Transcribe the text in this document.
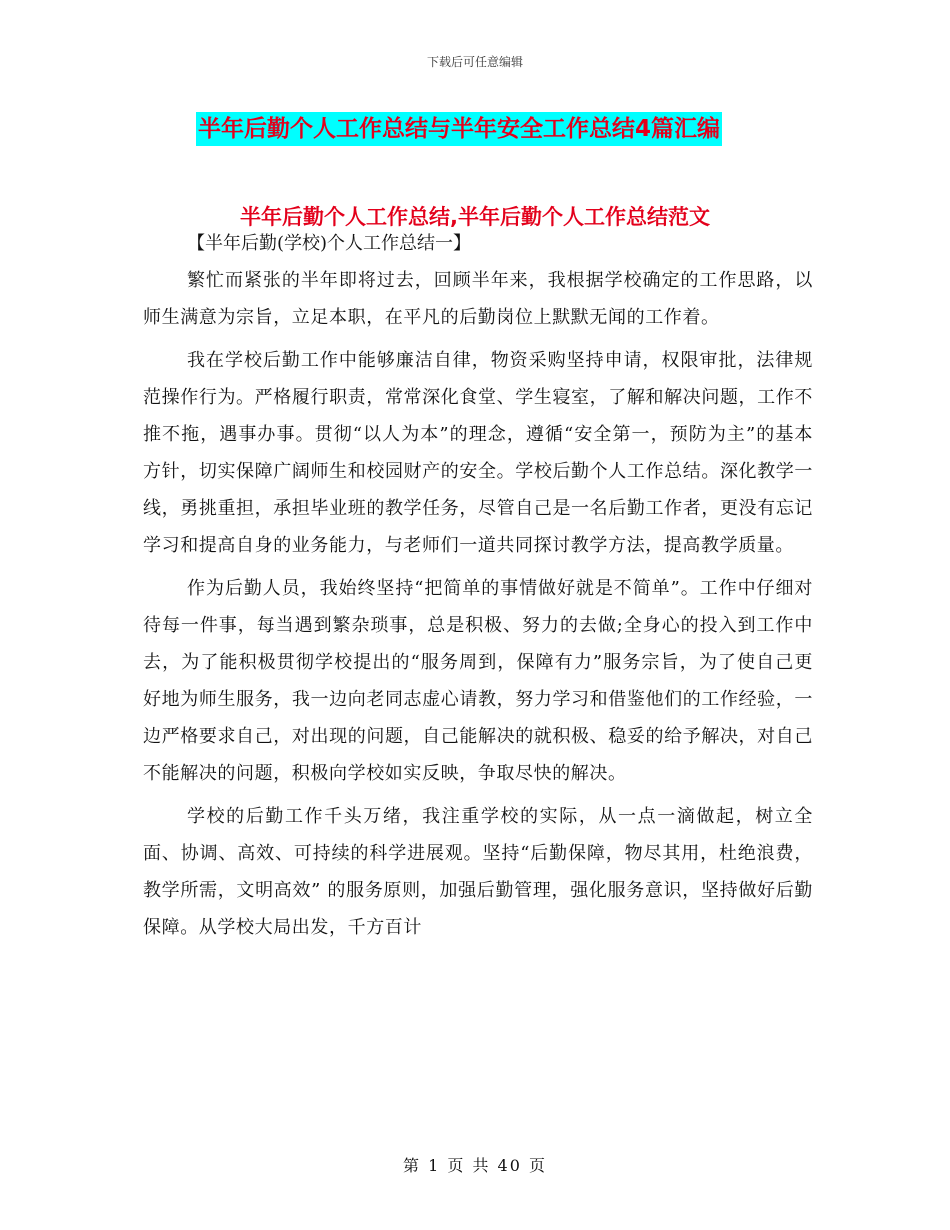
下载后可任意编辑
半年后勤个人工作总结与半年安全工作总结4篇汇编
半年后勤个人工作总结,半年后勤个人工作总结范文
【半年后勤(学校)个人工作总结一】

繁忙而紧张的半年即将过去，回顾半年来，我根据学校确定的工作思路，以师生满意为宗旨，立足本职，在平凡的后勤岗位上默默无闻的工作着。

我在学校后勤工作中能够廉洁自律，物资采购坚持申请，权限审批，法律规范操作行为。严格履行职责，常常深化食堂、学生寝室，了解和解决问题，工作不推不拖，遇事办事。贯彻“以人为本”的理念，遵循“安全第一，预防为主”的基本方针，切实保障广阔师生和校园财产的安全。学校后勤个人工作总结。深化教学一线，勇挑重担，承担毕业班的教学任务，尽管自己是一名后勤工作者，更没有忘记学习和提高自身的业务能力，与老师们一道共同探讨教学方法，提高教学质量。

作为后勤人员，我始终坚持“把简单的事情做好就是不简单”。工作中仔细对待每一件事，每当遇到繁杂琐事，总是积极、努力的去做;全身心的投入到工作中去，为了能积极贯彻学校提出的“服务周到，保障有力”服务宗旨，为了使自己更好地为师生服务，我一边向老同志虚心请教，努力学习和借鉴他们的工作经验，一边严格要求自己，对出现的问题，自己能解决的就积极、稳妥的给予解决，对自己不能解决的问题，积极向学校如实反映，争取尽快的解决。

学校的后勤工作千头万绪，我注重学校的实际，从一点一滴做起，树立全面、协调、高效、可持续的科学进展观。坚持“后勤保障，物尽其用，杜绝浪费，教学所需，文明高效” 的服务原则，加强后勤管理，强化服务意识，坚持做好后勤保障。从学校大局出发，千方百计

第 1 页 共 40 页
